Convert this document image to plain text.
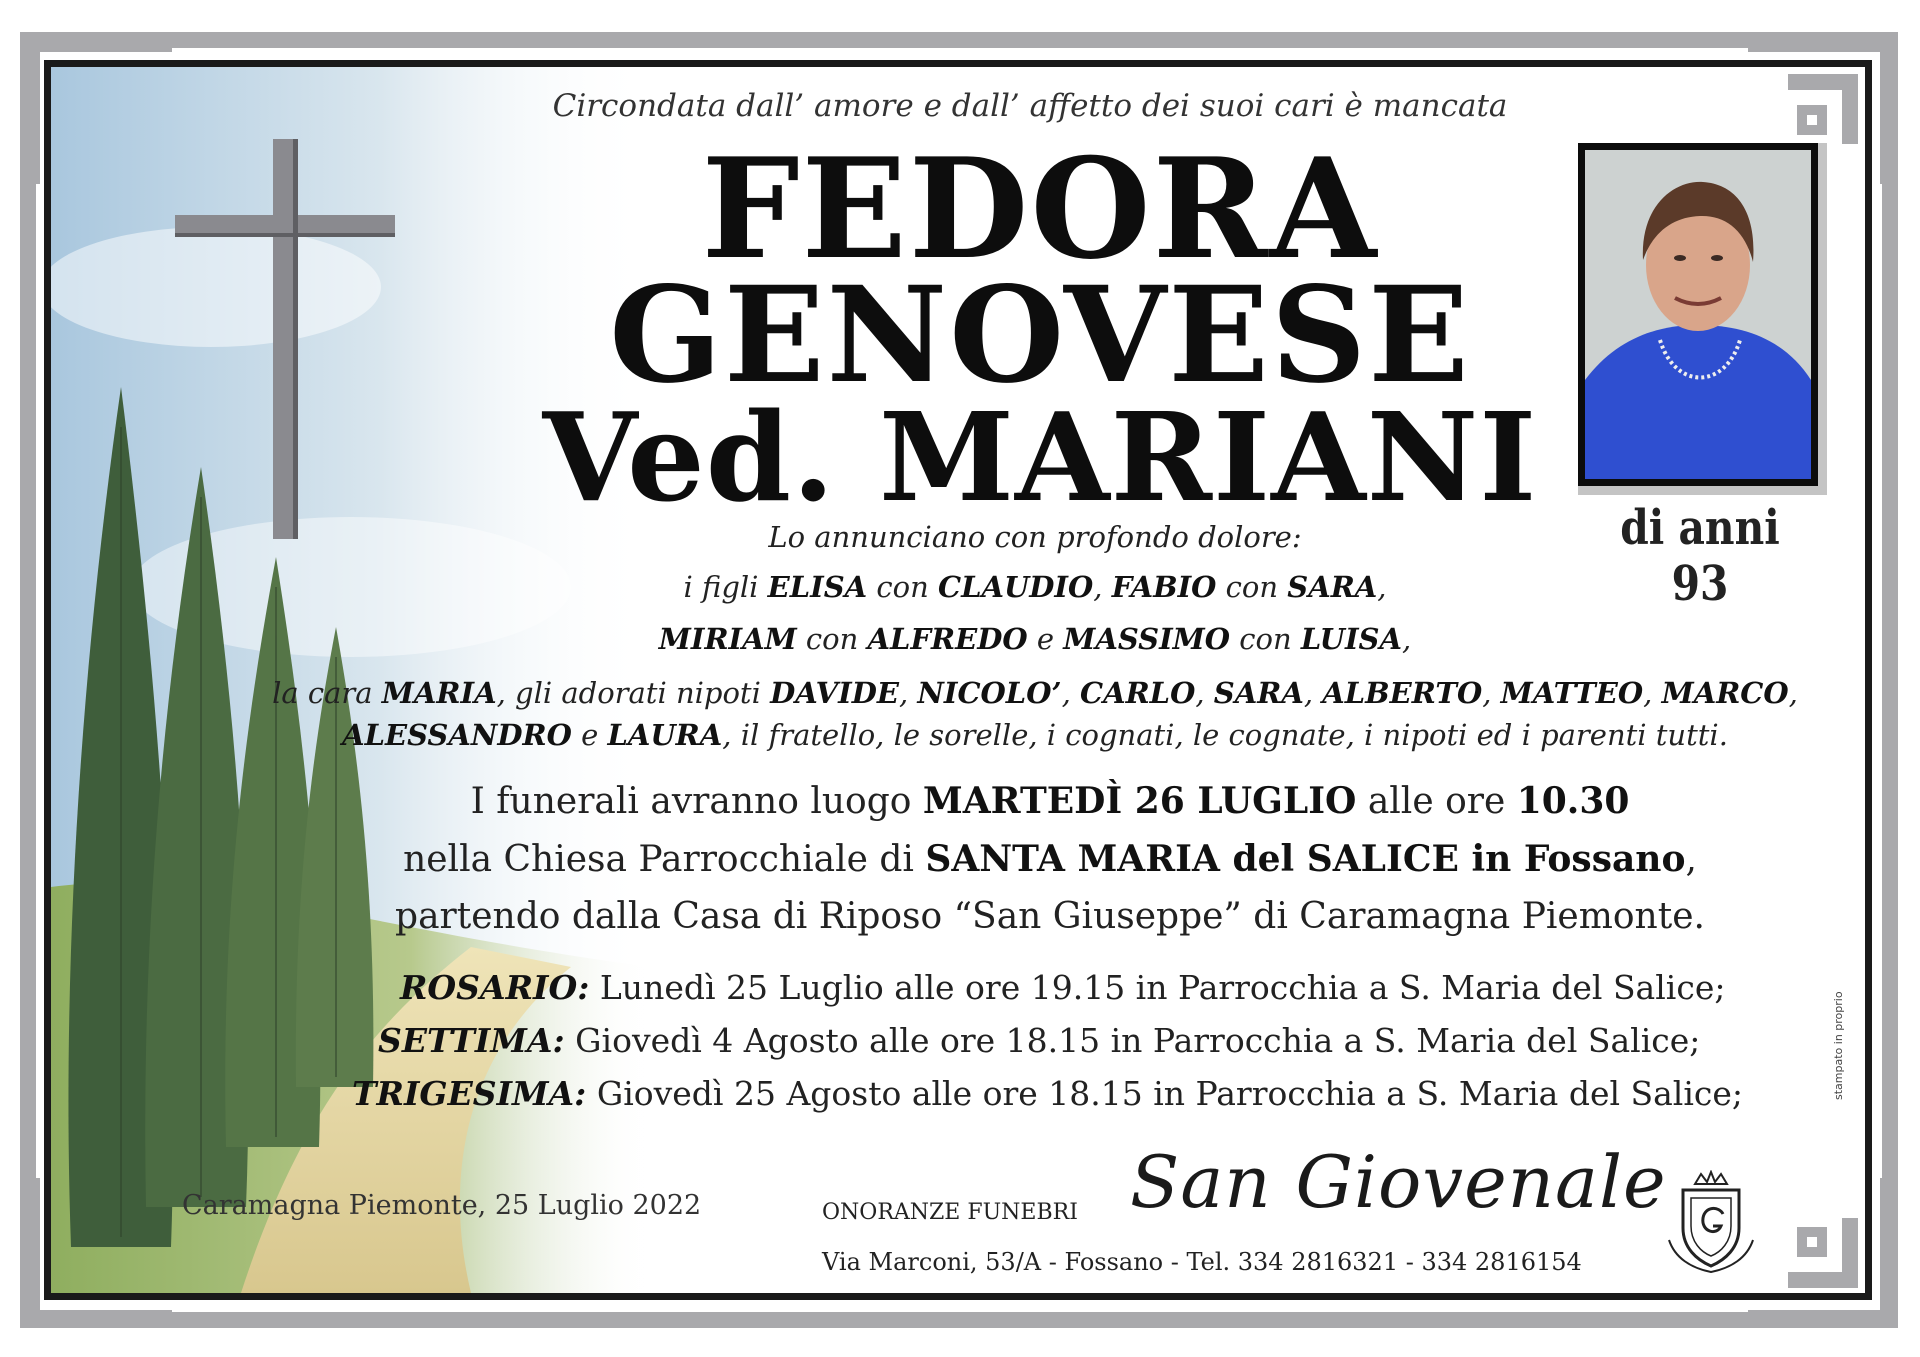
Circondata dall’ amore e dall’ affetto dei suoi cari è mancata
FEDORA
GENOVESE
Ved. MARIANI	di anni 93
Lo annunciano con profondo dolore:
i figli ELISA con CLAUDIO, FABIO con SARA,
MIRIAM con ALFREDO e MASSIMO con LUISA,
la cara MARIA, gli adorati nipoti DAVIDE, NICOLO’, CARLO, SARA, ALBERTO, MATTEO, MARCO,
ALESSANDRO e LAURA, il fratello, le sorelle, i cognati, le cognate, i nipoti ed i parenti tutti.
I funerali avranno luogo MARTEDÌ 26 LUGLIO alle ore 10.30
nella Chiesa Parrocchiale di SANTA MARIA del SALICE in Fossano,
partendo dalla Casa di Riposo “San Giuseppe” di Caramagna Piemonte.
ROSARIO: Lunedì 25 Luglio alle ore 19.15 in Parrocchia a S. Maria del Salice;
SETTIMA: Giovedì 4 Agosto alle ore 18.15 in Parrocchia a S. Maria del Salice;
TRIGESIMA: Giovedì 25 Agosto alle ore 18.15 in Parrocchia a S. Maria del Salice;
Caramagna Piemonte, 25 Luglio 2022	ONORANZE FUNEBRI San Giovenale
Via Marconi, 53/A - Fossano - Tel. 334 2816321 - 334 2816154
stampato in proprio
